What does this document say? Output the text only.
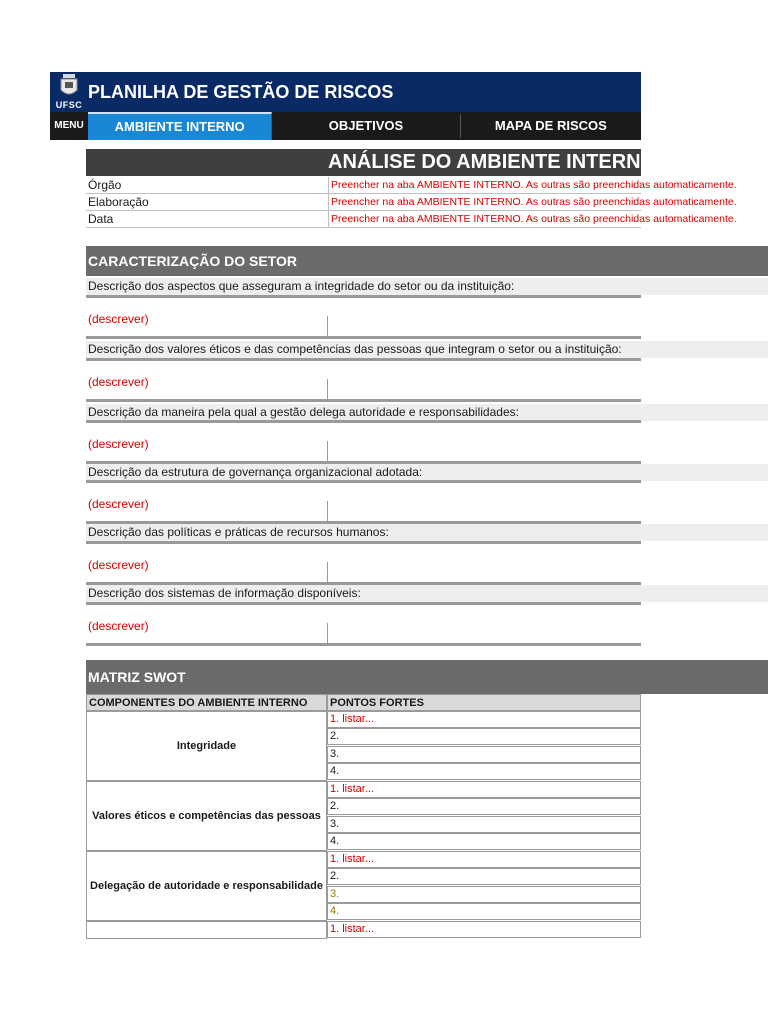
UFSC
PLANILHA DE GESTÃO DE RISCOS
MENU	AMBIENTE INTERNO	OBJETIVOS	MAPA DE RISCOS
ANÁLISE DO AMBIENTE INTERNO
Órgão	Preencher na aba AMBIENTE INTERNO. As outras são preenchidas automaticamente.
Elaboração	Preencher na aba AMBIENTE INTERNO. As outras são preenchidas automaticamente.
Data	Preencher na aba AMBIENTE INTERNO. As outras são preenchidas automaticamente.
CARACTERIZAÇÃO DO SETOR
Descrição dos aspectos que asseguram a integridade do setor ou da instituição:
(descrever)
Descrição dos valores éticos e das competências das pessoas que integram o setor ou a instituição:
(descrever)
Descrição da maneira pela qual a gestão delega autoridade e responsabilidades:
(descrever)
Descrição da estrutura de governança organizacional adotada:
(descrever)
Descrição das políticas e práticas de recursos humanos:
(descrever)
Descrição dos sistemas de informação disponíveis:
(descrever)
MATRIZ SWOT
COMPONENTES DO AMBIENTE INTERNO	PONTOS FORTES
Integridade
1. listar...
2.
3.
4.
Valores éticos e competências das pessoas
1. listar...
2.
3.
4.
Delegação de autoridade e responsabilidade
1. listar...
2.
3.
4.
1. listar...
